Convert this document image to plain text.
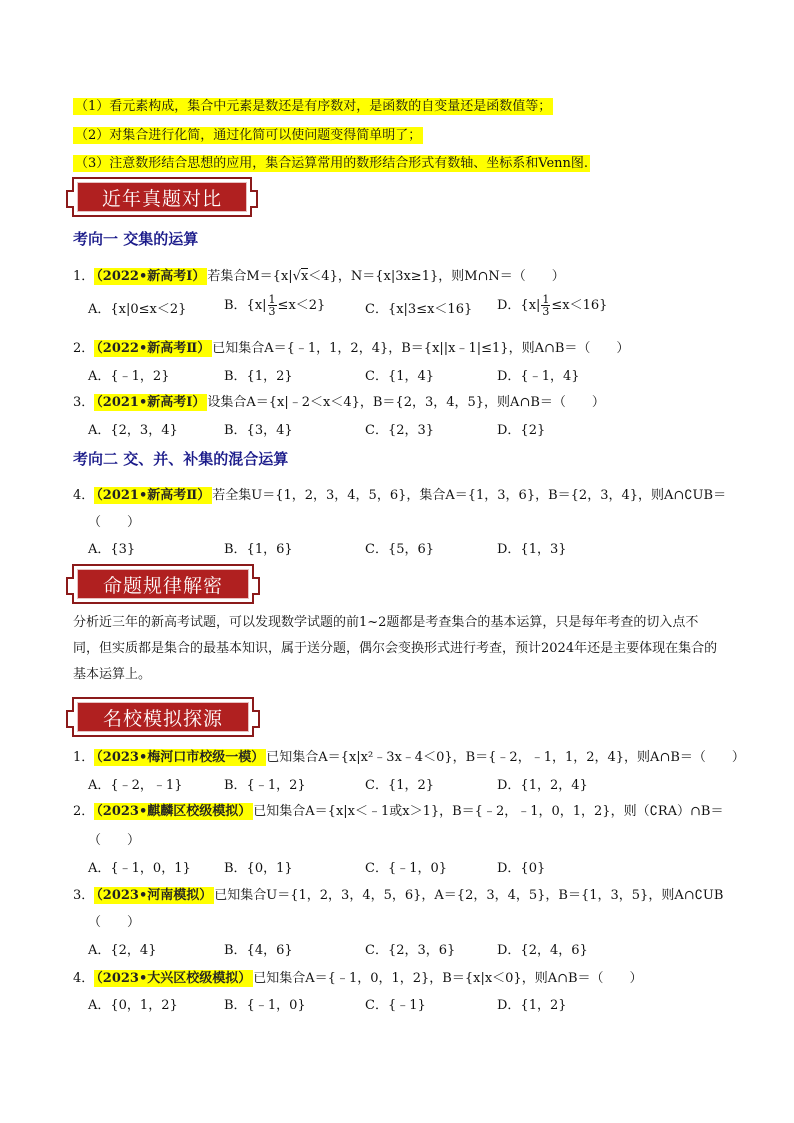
（1）看元素构成，集合中元素是数还是有序数对，是函数的自变量还是函数值等；
（2）对集合进行化简，通过化简可以使问题变得简单明了；
（3）注意数形结合思想的应用，集合运算常用的数形结合形式有数轴、坐标系和Venn图.
近年真题对比
考向一 交集的运算
1． （2022•新高考Ⅰ） 若集合M＝{x|√x＜4}，N＝{x|3x≥1}，则M∩N＝（　　）
A．{x|0≤x＜2}	B．$\{x| \frac{1}{3} \le x<2\}$	C．{x|3≤x＜16} D．$\{x| \frac{1}{3} \le x<16\}$
2． （2022•新高考Ⅱ） 已知集合A＝{﹣1，1，2，4}，B＝{x||x﹣1|≤1}，则A∩B＝（　　）
A．{﹣1，2}	B．{1，2}	C．{1，4}	D．{﹣1，4}
3． （2021•新高考Ⅰ） 设集合A＝{x|﹣2＜x＜4}，B＝{2，3，4，5}，则A∩B＝（　　）
A．{2，3，4}	B．{3，4}	C．{2，3}	D．{2}
考向二 交、并、补集的混合运算
4． （2021•新高考Ⅱ） 若全集U＝{1，2，3，4，5，6}，集合A＝{1，3，6}，B＝{2，3，4}，则A∩∁UB＝
（　　）
A．{3}	B．{1，6}	C．{5，6}	D．{1，3}
命题规律解密
分析近三年的新高考试题，可以发现数学试题的前1~2题都是考查集合的基本运算，只是每年考查的切入点不同，但实质都是集合的最基本知识，属于送分题，偶尔会变换形式进行考查，预计2024年还是主要体现在集合的基本运算上。
名校模拟探源
1． （2023•梅河口市校级一模） 已知集合A＝{x|x²﹣3x﹣4＜0}，B＝{﹣2，﹣1，1，2，4}，则A∩B＝（　　）
A．{﹣2，﹣1}	B．{﹣1，2}	C．{1，2}	D．{1，2，4}
2． （2023•麒麟区校级模拟） 已知集合A＝{x|x＜﹣1或x＞1}，B＝{﹣2，﹣1，0，1，2}，则（∁RA）∩B＝
（　　）
A．{﹣1，0，1}	B．{0，1}	C．{﹣1，0}	D．{0}
3． （2023•河南模拟） 已知集合U＝{1，2，3，4，5，6}，A＝{2，3，4，5}，B＝{1，3，5}，则A∩∁UB
（　　）
A．{2，4}	B．{4，6}	C．{2，3，6}	D．{2，4，6}
4． （2023•大兴区校级模拟） 已知集合A＝{﹣1，0，1，2}，B＝{x|x＜0}，则A∩B＝（　　）
A．{0，1，2}	B．{﹣1，0}	C．{﹣1}	D．{1，2}
